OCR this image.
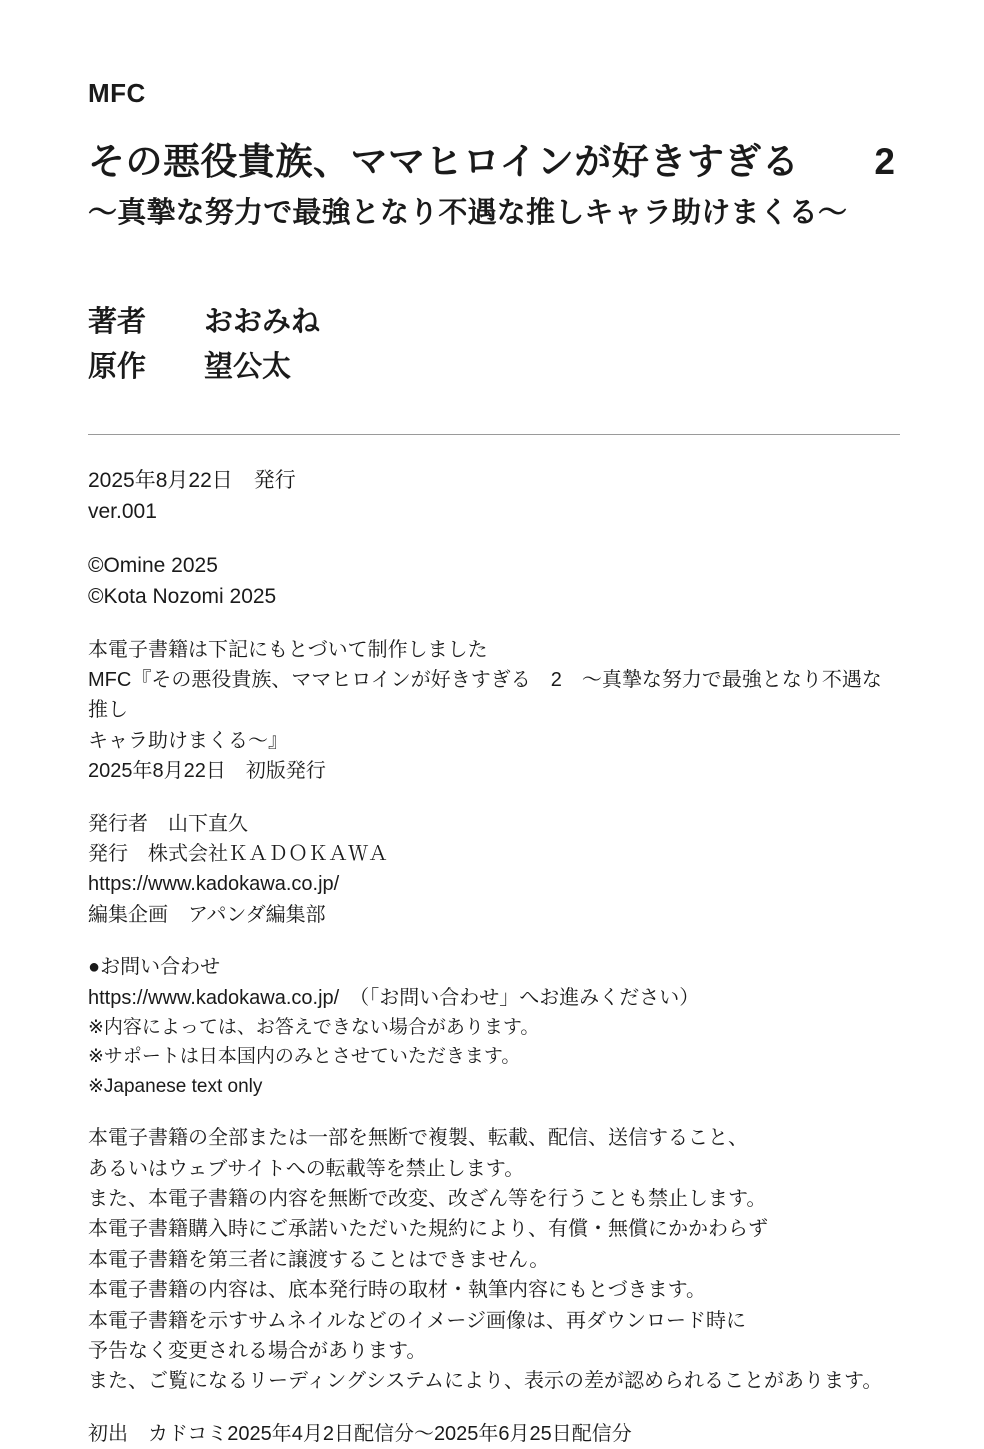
MFC
その悪役貴族、ママヒロインが好きすぎる　　2
～真摯な努力で最強となり不遇な推しキャラ助けまくる～
著者　　おおみね
原作　　望公太
2025年8月22日　発行
ver.001
©Omine 2025
©Kota Nozomi 2025
本電子書籍は下記にもとづいて制作しました
MFC『その悪役貴族、ママヒロインが好きすぎる　2　～真摯な努力で最強となり不遇な推し
キャラ助けまくる～』
2025年8月22日　初版発行
発行者　山下直久
発行　株式会社ＫＡＤＯＫＡＷＡ
https://www.kadokawa.co.jp/
編集企画　アパンダ編集部
●お問い合わせ
https://www.kadokawa.co.jp/　（「お問い合わせ」へお進みください）
※内容によっては、お答えできない場合があります。
※サポートは日本国内のみとさせていただきます。
※Japanese text only
本電子書籍の全部または一部を無断で複製、転載、配信、送信すること、
あるいはウェブサイトへの転載等を禁止します。
また、本電子書籍の内容を無断で改変、改ざん等を行うことも禁止します。
本電子書籍購入時にご承諾いただいた規約により、有償・無償にかかわらず
本電子書籍を第三者に譲渡することはできません。
本電子書籍の内容は、底本発行時の取材・執筆内容にもとづきます。
本電子書籍を示すサムネイルなどのイメージ画像は、再ダウンロード時に
予告なく変更される場合があります。
また、ご覧になるリーディングシステムにより、表示の差が認められることがあります。
初出　カドコミ2025年4月2日配信分～2025年6月25日配信分
